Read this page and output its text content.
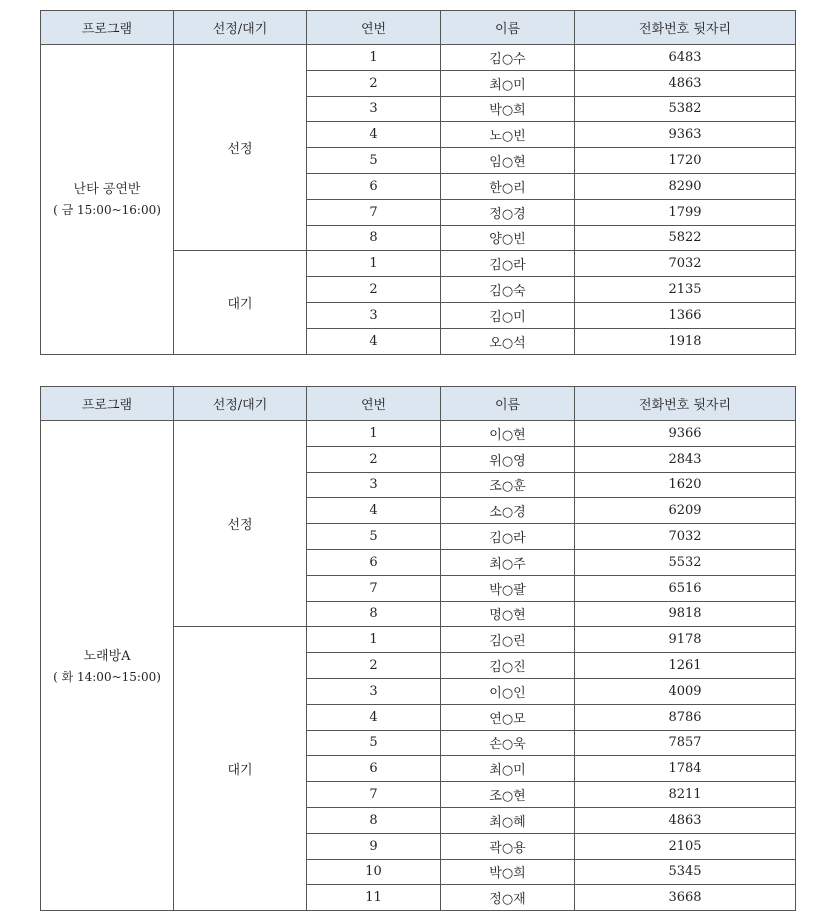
프로그램	선정/대기	연번	이름	전화번호 뒷자리

난타 공연반
( 금 15:00~16:00)	선정	1	김○수	6483
		2	최○미	4863
		3	박○희	5382
		4	노○빈	9363
		5	임○현	1720
		6	한○리	8290
		7	정○경	1799
		8	양○빈	5822
	대기	1	김○라	7032
		2	김○숙	2135
		3	김○미	1366
		4	오○석	1918
프로그램	선정/대기	연번	이름	전화번호 뒷자리

노래방A
( 화 14:00~15:00)	선정	1	이○현	9366
		2	위○영	2843
		3	조○훈	1620
		4	소○경	6209
		5	김○라	7032
		6	최○주	5532
		7	박○팔	6516
		8	명○현	9818
	대기	1	김○린	9178
		2	김○진	1261
		3	이○인	4009
		4	연○모	8786
		5	손○욱	7857
		6	최○미	1784
		7	조○현	8211
		8	최○혜	4863
		9	곽○용	2105
		10	박○희	5345
		11	정○재	3668
